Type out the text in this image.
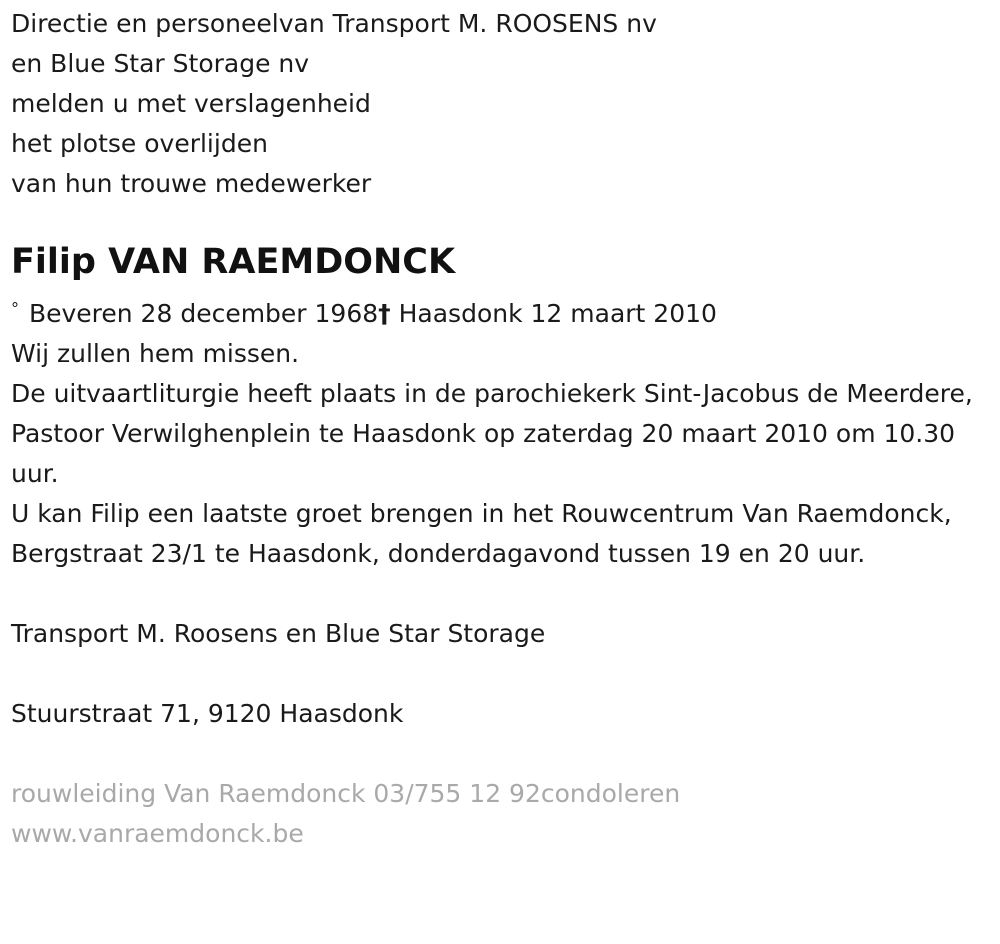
Directie en personeelvan Transport M. ROOSENS nv
en Blue Star Storage nv
melden u met verslagenheid
het plotse overlijden
van hun trouwe medewerker
Filip VAN RAEMDONCK
° Beveren 28 december 1968† Haasdonk 12 maart 2010
Wij zullen hem missen.
De uitvaartliturgie heeft plaats in de parochiekerk Sint-Jacobus de Meerdere,
Pastoor Verwilghenplein te Haasdonk op zaterdag 20 maart 2010 om 10.30 uur.
U kan Filip een laatste groet brengen in het Rouwcentrum Van Raemdonck, Bergstraat 23/1 te Haasdonk, donderdagavond tussen 19 en 20 uur.
Transport M. Roosens en Blue Star Storage
Stuurstraat 71, 9120 Haasdonk
rouwleiding Van Raemdonck 03/755 12 92condoleren
www.vanraemdonck.be
